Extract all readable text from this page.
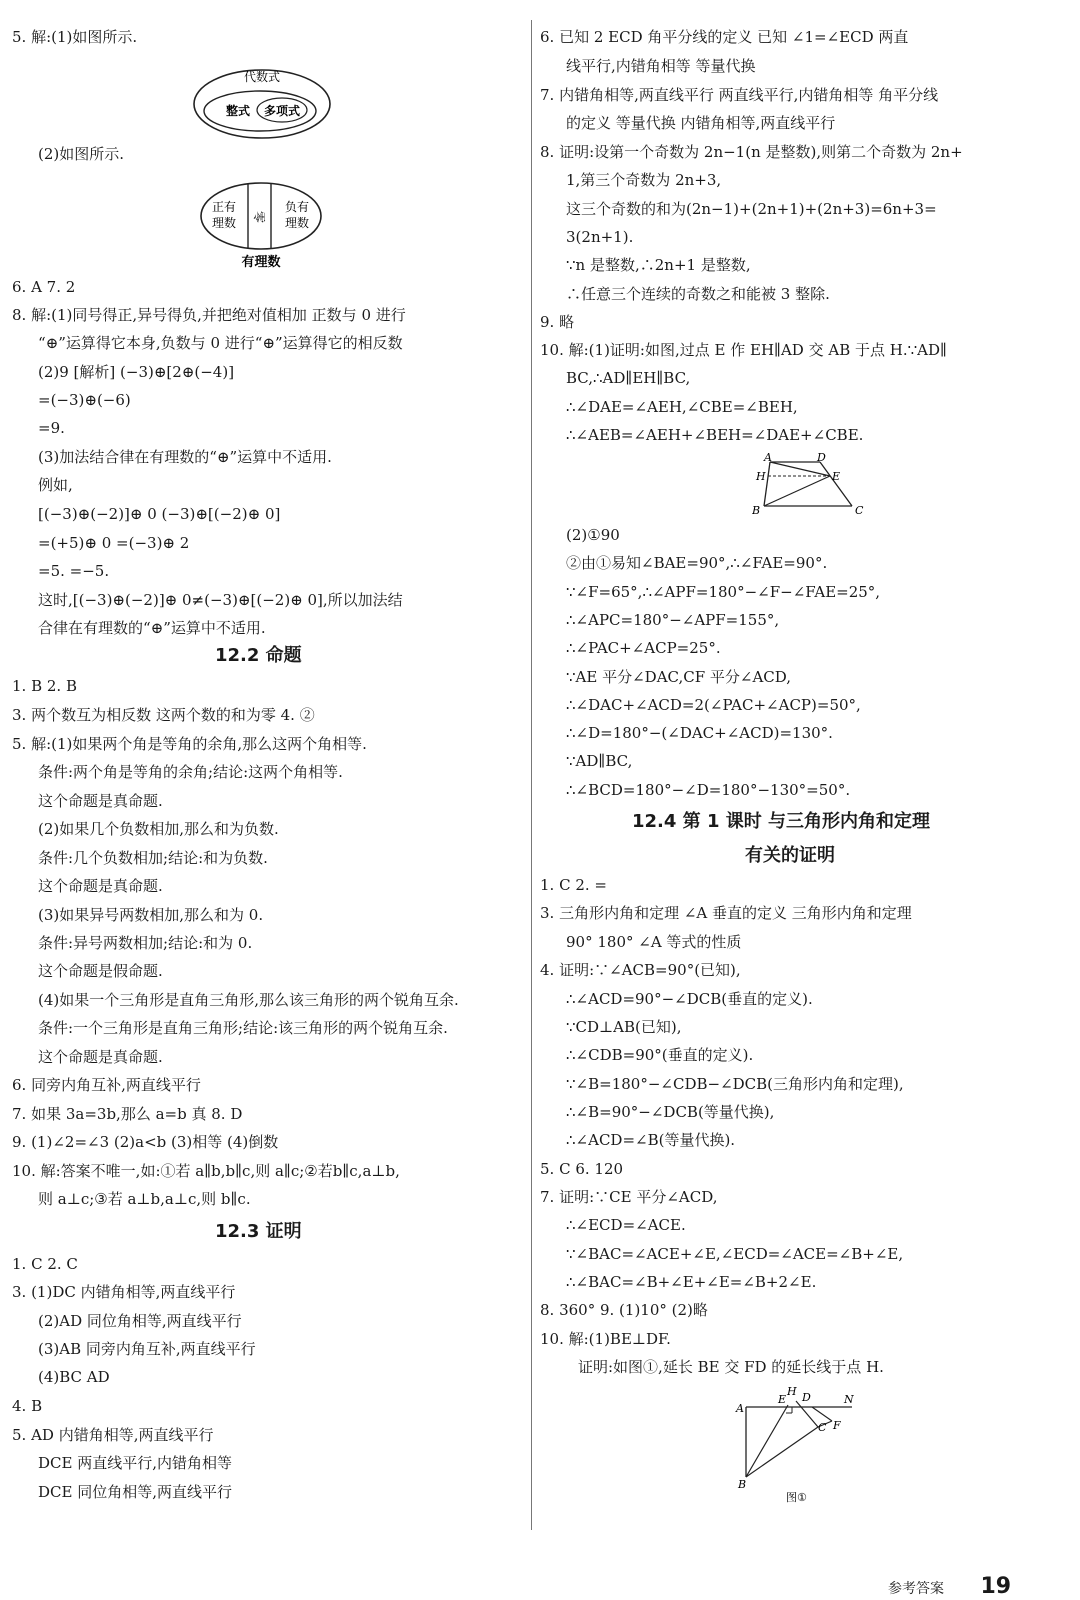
5. 解:(1)如图所示.
(2)如图所示.
6. A 7. 2
8. 解:(1)同号得正,异号得负,并把绝对值相加 正数与 0 进行
“⊕”运算得它本身,负数与 0 进行“⊕”运算得它的相反数
(2)9 [解析] (−3)⊕[2⊕(−4)]
=(−3)⊕(−6)
=9.
(3)加法结合律在有理数的“⊕”运算中不适用.
例如,
[(−3)⊕(−2)]⊕ 0 (−3)⊕[(−2)⊕ 0]
=(+5)⊕ 0 =(−3)⊕ 2
=5. =−5.
这时,[(−3)⊕(−2)]⊕ 0≠(−3)⊕[(−2)⊕ 0],所以加法结
合律在有理数的“⊕”运算中不适用.
1. B 2. B
3. 两个数互为相反数 这两个数的和为零 4. ②
5. 解:(1)如果两个角是等角的余角,那么这两个角相等.
条件:两个角是等角的余角;结论:这两个角相等.
这个命题是真命题.
(2)如果几个负数相加,那么和为负数.
条件:几个负数相加;结论:和为负数.
这个命题是真命题.
(3)如果异号两数相加,那么和为 0.
条件:异号两数相加;结论:和为 0.
这个命题是假命题.
(4)如果一个三角形是直角三角形,那么该三角形的两个锐角互余.
条件:一个三角形是直角三角形;结论:该三角形的两个锐角互余.
这个命题是真命题.
6. 同旁内角互补,两直线平行
7. 如果 3a=3b,那么 a=b 真 8. D
9. (1)∠2=∠3 (2)a<b (3)相等 (4)倒数
10. 解:答案不唯一,如:①若 a∥b,b∥c,则 a∥c;②若b∥c,a⊥b,
则 a⊥c;③若 a⊥b,a⊥c,则 b∥c.
1. C 2. C
3. (1)DC 内错角相等,两直线平行
(2)AD 同位角相等,两直线平行
(3)AB 同旁内角互补,两直线平行
(4)BC AD
4. B
5. AD 内错角相等,两直线平行
DCE 两直线平行,内错角相等
DCE 同位角相等,两直线平行
12.2 命题
12.3 证明
6. 已知 2 ECD 角平分线的定义 已知 ∠1=∠ECD 两直
线平行,内错角相等 等量代换
7. 内错角相等,两直线平行 两直线平行,内错角相等 角平分线
的定义 等量代换 内错角相等,两直线平行
8. 证明:设第一个奇数为 2n−1(n 是整数),则第二个奇数为 2n+
1,第三个奇数为 2n+3,
这三个奇数的和为(2n−1)+(2n+1)+(2n+3)=6n+3=
3(2n+1).
∵n 是整数,∴2n+1 是整数,
∴任意三个连续的奇数之和能被 3 整除.
9. 略
10. 解:(1)证明:如图,过点 E 作 EH∥AD 交 AB 于点 H.∵AD∥
BC,∴AD∥EH∥BC,
∴∠DAE=∠AEH,∠CBE=∠BEH,
∴∠AEB=∠AEH+∠BEH=∠DAE+∠CBE.
(2)①90
②由①易知∠BAE=90°,∴∠FAE=90°.
∵∠F=65°,∴∠APF=180°−∠F−∠FAE=25°,
∴∠APC=180°−∠APF=155°,
∴∠PAC+∠ACP=25°.
∵AE 平分∠DAC,CF 平分∠ACD,
∴∠DAC+∠ACD=2(∠PAC+∠ACP)=50°,
∴∠D=180°−(∠DAC+∠ACD)=130°.
∵AD∥BC,
∴∠BCD=180°−∠D=180°−130°=50°.
1. C 2. =
3. 三角形内角和定理 ∠A 垂直的定义 三角形内角和定理
90° 180° ∠A 等式的性质
4. 证明:∵∠ACB=90°(已知),
∴∠ACD=90°−∠DCB(垂直的定义).
∵CD⊥AB(已知),
∴∠CDB=90°(垂直的定义).
∵∠B=180°−∠CDB−∠DCB(三角形内角和定理),
∴∠B=90°−∠DCB(等量代换),
∴∠ACD=∠B(等量代换).
5. C 6. 120
7. 证明:∵CE 平分∠ACD,
∴∠ECD=∠ACE.
∵∠BAC=∠ACE+∠E,∠ECD=∠ACE=∠B+∠E,
∴∠BAC=∠B+∠E+∠E=∠B+2∠E.
8. 360° 9. (1)10° (2)略
10. 解:(1)BE⊥DF.
证明:如图①,延长 BE 交 FD 的延长线于点 H.
12.4 第 1 课时 与三角形内角和定理
有关的证明
代数式
整式 多项式
正有
理数 零
负有
理数
有理数
A	D
H	E
B	C
A
E
H D	N
C F
B
图①
参考答案 19
